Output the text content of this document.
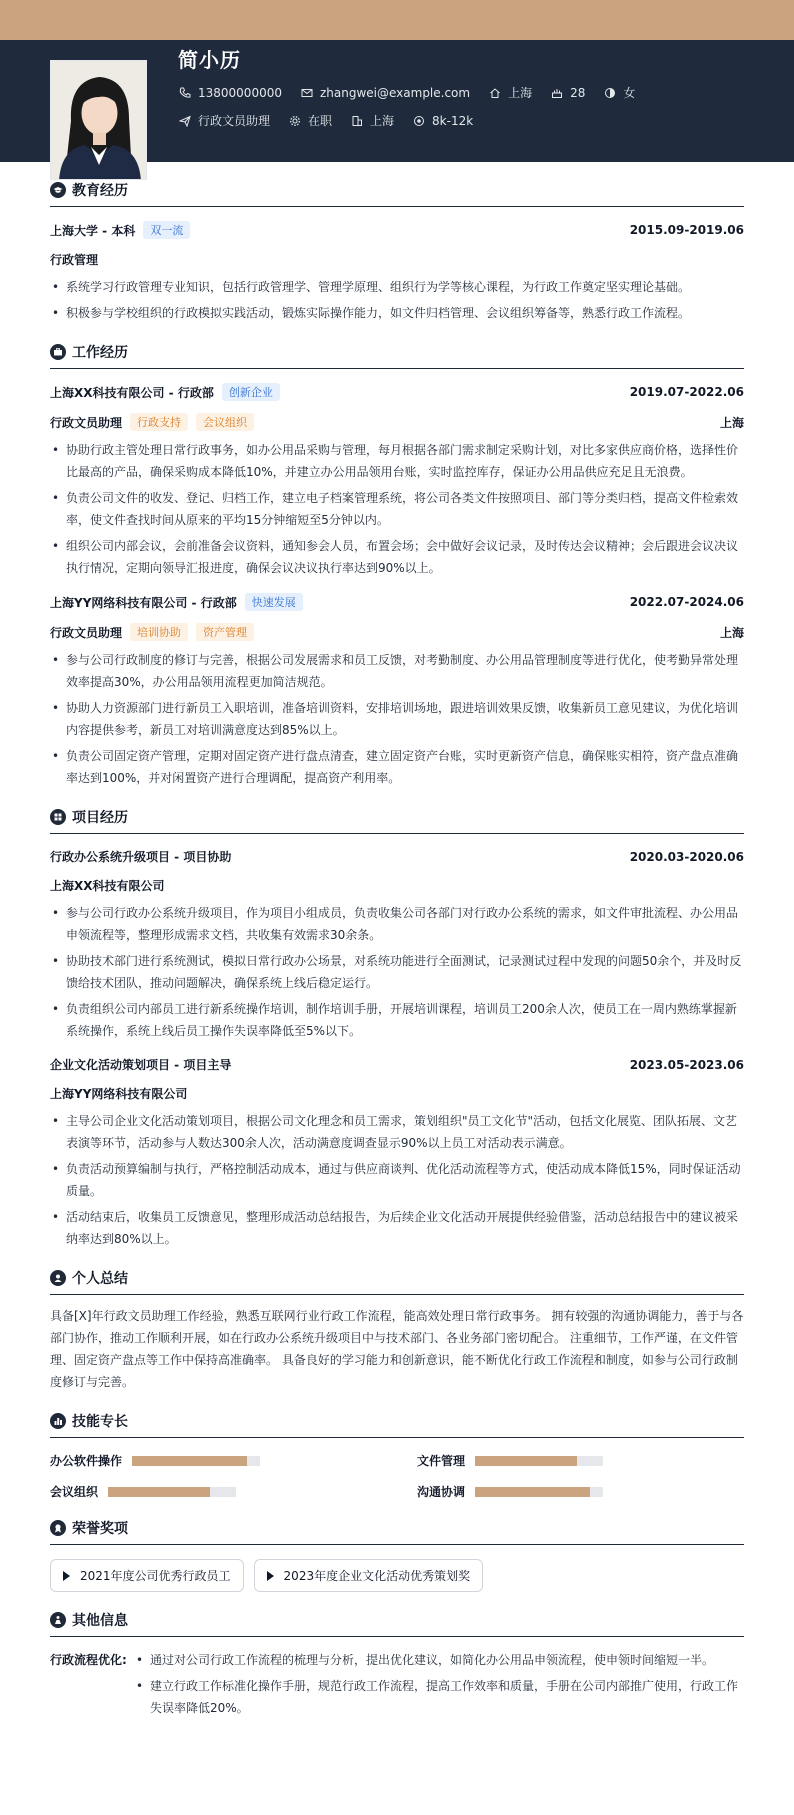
简小历
13800000000	zhangwei@example.com	上海	28	女
行政文员助理	在职	上海	8k-12k
教育经历
上海大学 - 本科	双一流	2015.09-2019.06
行政管理
• 系统学习行政管理专业知识，包括行政管理学、管理学原理、组织行为学等核心课程，为行政工作奠定坚实理论基础。
• 积极参与学校组织的行政模拟实践活动，锻炼实际操作能力，如文件归档管理、会议组织筹备等，熟悉行政工作流程。
工作经历
上海XX科技有限公司 - 行政部	创新企业	2019.07-2022.06
行政文员助理	行政支持	会议组织	上海
• 协助行政主管处理日常行政事务，如办公用品采购与管理，每月根据各部门需求制定采购计划，对比多家供应商价格，选择性价比最高的产品，确保采购成本降低10%，并建立办公用品领用台账，实时监控库存，保证办公用品供应充足且无浪费。
• 负责公司文件的收发、登记、归档工作，建立电子档案管理系统，将公司各类文件按照项目、部门等分类归档，提高文件检索效率，使文件查找时间从原来的平均15分钟缩短至5分钟以内。
• 组织公司内部会议，会前准备会议资料，通知参会人员，布置会场；会中做好会议记录，及时传达会议精神；会后跟进会议决议执行情况，定期向领导汇报进度，确保会议决议执行率达到90%以上。
上海YY网络科技有限公司 - 行政部	快速发展	2022.07-2024.06
行政文员助理	培训协助	资产管理	上海
• 参与公司行政制度的修订与完善，根据公司发展需求和员工反馈，对考勤制度、办公用品管理制度等进行优化，使考勤异常处理效率提高30%，办公用品领用流程更加简洁规范。
• 协助人力资源部门进行新员工入职培训，准备培训资料，安排培训场地，跟进培训效果反馈，收集新员工意见建议，为优化培训内容提供参考，新员工对培训满意度达到85%以上。
• 负责公司固定资产管理，定期对固定资产进行盘点清查，建立固定资产台账，实时更新资产信息，确保账实相符，资产盘点准确率达到100%，并对闲置资产进行合理调配，提高资产利用率。
项目经历
行政办公系统升级项目 - 项目协助	2020.03-2020.06
上海XX科技有限公司
• 参与公司行政办公系统升级项目，作为项目小组成员，负责收集公司各部门对行政办公系统的需求，如文件审批流程、办公用品申领流程等，整理形成需求文档，共收集有效需求30余条。
• 协助技术部门进行系统测试，模拟日常行政办公场景，对系统功能进行全面测试，记录测试过程中发现的问题50余个，并及时反馈给技术团队，推动问题解决，确保系统上线后稳定运行。
• 负责组织公司内部员工进行新系统操作培训，制作培训手册，开展培训课程，培训员工200余人次，使员工在一周内熟练掌握新系统操作，系统上线后员工操作失误率降低至5%以下。
企业文化活动策划项目 - 项目主导	2023.05-2023.06
上海YY网络科技有限公司
• 主导公司企业文化活动策划项目，根据公司文化理念和员工需求，策划组织"员工文化节"活动，包括文化展览、团队拓展、文艺表演等环节，活动参与人数达300余人次，活动满意度调查显示90%以上员工对活动表示满意。
• 负责活动预算编制与执行，严格控制活动成本，通过与供应商谈判、优化活动流程等方式，使活动成本降低15%，同时保证活动质量。
• 活动结束后，收集员工反馈意见，整理形成活动总结报告，为后续企业文化活动开展提供经验借鉴，活动总结报告中的建议被采纳率达到80%以上。
个人总结

具备[X]年行政文员助理工作经验，熟悉互联网行业行政工作流程，能高效处理日常行政事务。 拥有较强的沟通协调能力，善于与各部门协作，推动工作顺利开展，如在行政办公系统升级项目中与技术部门、各业务部门密切配合。 注重细节，工作严谨，在文件管理、固定资产盘点等工作中保持高准确率。 具备良好的学习能力和创新意识，能不断优化行政工作流程和制度，如参与公司行政制度修订与完善。

技能专长
办公软件操作	文件管理
会议组织	沟通协调
荣誉奖项
2021年度公司优秀行政员工	2023年度企业文化活动优秀策划奖
其他信息
行政流程优化:
•	通过对公司行政工作流程的梳理与分析，提出优化建议，如简化办公用品申领流程，使申领时间缩短一半。
• 建立行政工作标准化操作手册，规范行政工作流程，提高工作效率和质量，手册在公司内部推广使用，行政工作失误率降低20%。
